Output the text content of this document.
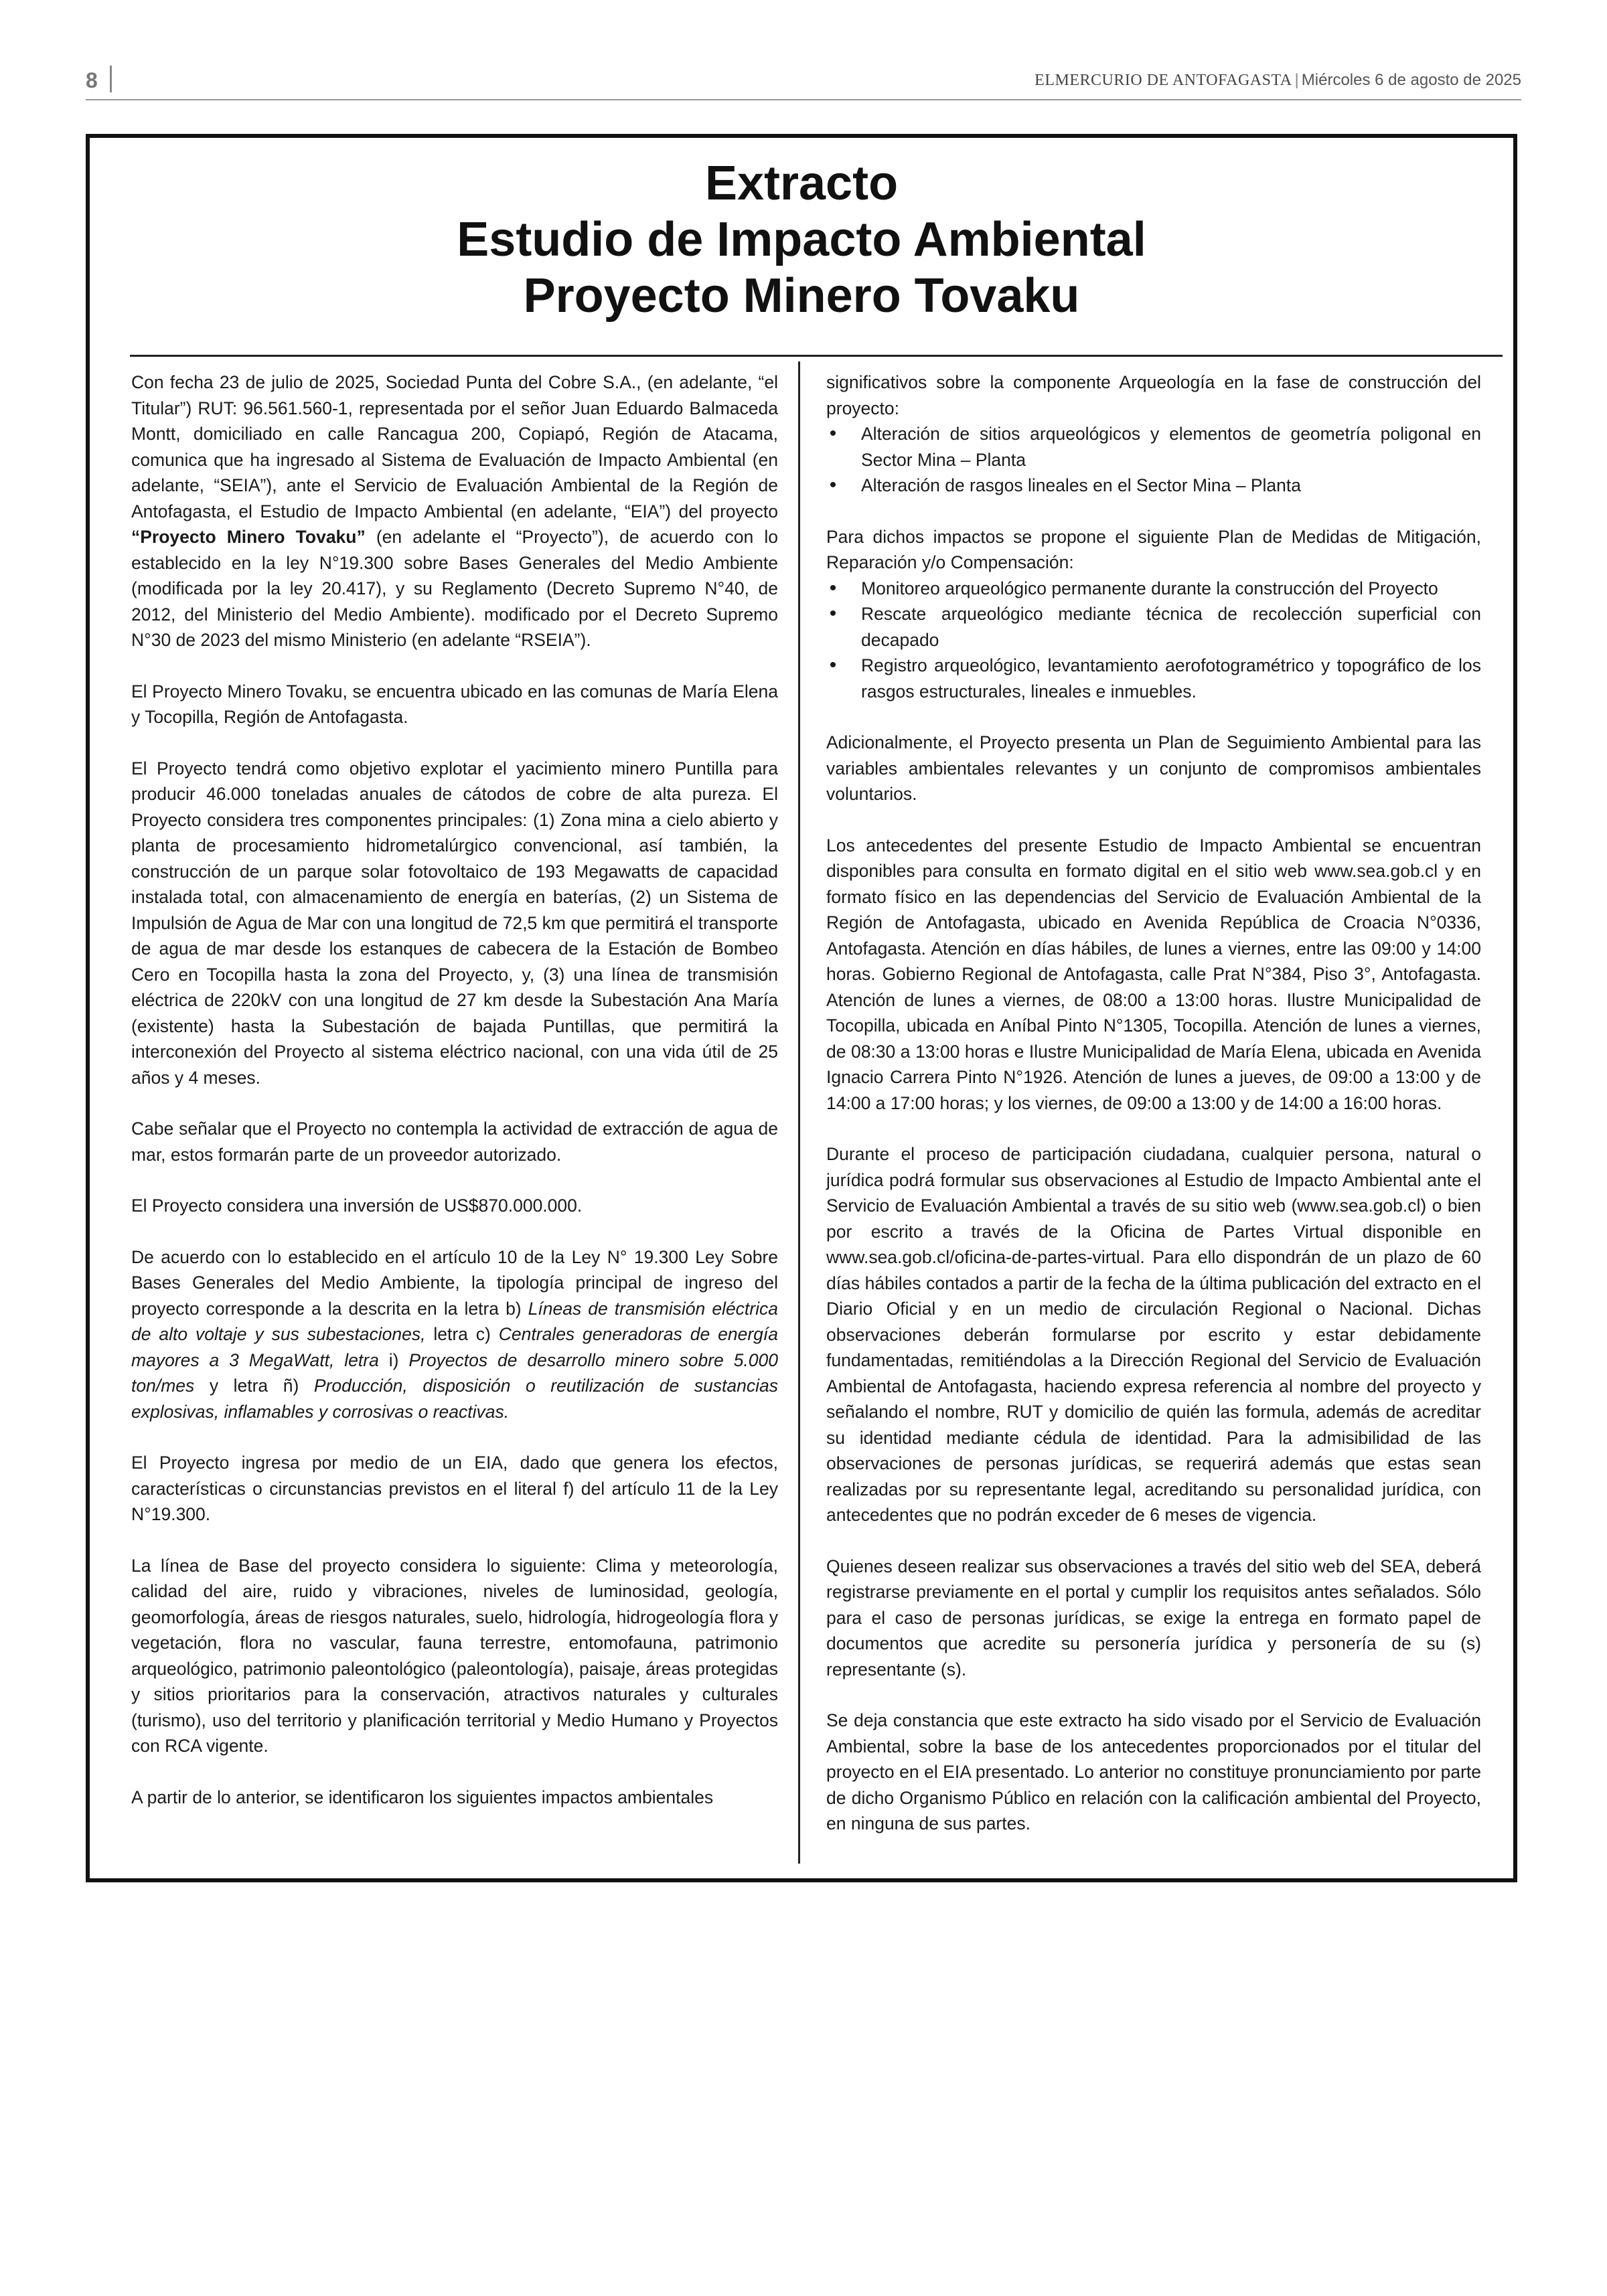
8	ELMERCURIO DE ANTOFAGASTA | Miércoles 6 de agosto de 2025

Extracto

Estudio de Impacto Ambiental

Proyecto Minero Tovaku

Con fecha 23 de julio de 2025, Sociedad Punta del Cobre S.A., (en adelante, “el Titular”) RUT: 96.561.560-1, representada por el señor Juan Eduardo Balmaceda Montt, domiciliado en calle Rancagua 200, Copiapó, Región de Atacama, comunica que ha ingresado al Sistema de Evaluación de Impacto Ambiental (en adelante, “SEIA”), ante el Servicio de Evaluación Ambiental de la Región de Antofagasta, el Estudio de Impacto Ambiental (en adelante, “EIA”) del proyecto “Proyecto Minero Tovaku” (en adelante el “Proyecto”), de acuerdo con lo establecido en la ley N°19.300 sobre Bases Generales del Medio Ambiente (modificada por la ley 20.417), y su Reglamento (Decreto Supremo N°40, de 2012, del Ministerio del Medio Ambiente). modificado por el Decreto Supremo N°30 de 2023 del mismo Ministerio (en adelante “RSEIA”).

El Proyecto Minero Tovaku, se encuentra ubicado en las comunas de María Elena y Tocopilla, Región de Antofagasta.

El Proyecto tendrá como objetivo explotar el yacimiento minero Puntilla para producir 46.000 toneladas anuales de cátodos de cobre de alta pureza. El Proyecto considera tres componentes principales: (1) Zona mina a cielo abierto y planta de procesamiento hidrometalúrgico convencional, así también, la construcción de un parque solar fotovoltaico de 193 Megawatts de capacidad instalada total, con almacenamiento de energía en baterías, (2) un Sistema de Impulsión de Agua de Mar con una longitud de 72,5 km que permitirá el transporte de agua de mar desde los estanques de cabecera de la Estación de Bombeo Cero en Tocopilla hasta la zona del Proyecto, y, (3) una línea de transmisión eléctrica de 220kV con una longitud de 27 km desde la Subestación Ana María (existente) hasta la Subestación de bajada Puntillas, que permitirá la interconexión del Proyecto al sistema eléctrico nacional, con una vida útil de 25 años y 4 meses.

Cabe señalar que el Proyecto no contempla la actividad de extracción de agua de mar, estos formarán parte de un proveedor autorizado.

El Proyecto considera una inversión de US$870.000.000.

De acuerdo con lo establecido en el artículo 10 de la Ley N° 19.300 Ley Sobre Bases Generales del Medio Ambiente, la tipología principal de ingreso del proyecto corresponde a la descrita en la letra b) Líneas de transmisión eléctrica de alto voltaje y sus subestaciones, letra c) Centrales generadoras de energía mayores a 3 MegaWatt, letra i) Proyectos de desarrollo minero sobre 5.000 ton/mes y letra ñ) Producción, disposición o reutilización de sustancias explosivas, inflamables y corrosivas o reactivas.

El Proyecto ingresa por medio de un EIA, dado que genera los efectos, características o circunstancias previstos en el literal f) del artículo 11 de la Ley N°19.300.

La línea de Base del proyecto considera lo siguiente: Clima y meteorología, calidad del aire, ruido y vibraciones, niveles de luminosidad, geología, geomorfología, áreas de riesgos naturales, suelo, hidrología, hidrogeología flora y vegetación, flora no vascular, fauna terrestre, entomofauna, patrimonio arqueológico, patrimonio paleontológico (paleontología), paisaje, áreas protegidas y sitios prioritarios para la conservación, atractivos naturales y culturales (turismo), uso del territorio y planificación territorial y Medio Humano y Proyectos con RCA vigente.

A partir de lo anterior, se identificaron los siguientes impactos ambientales

significativos sobre la componente Arqueología en la fase de construcción del proyecto:

• Alteración de sitios arqueológicos y elementos de geometría poligonal en Sector Mina – Planta
• Alteración de rasgos lineales en el Sector Mina – Planta

Para dichos impactos se propone el siguiente Plan de Medidas de Mitigación, Reparación y/o Compensación:

• Monitoreo arqueológico permanente durante la construcción del Proyecto
• Rescate arqueológico mediante técnica de recolección superficial con decapado
• Registro arqueológico, levantamiento aerofotogramétrico y topográfico de los rasgos estructurales, lineales e inmuebles.

Adicionalmente, el Proyecto presenta un Plan de Seguimiento Ambiental para las variables ambientales relevantes y un conjunto de compromisos ambientales voluntarios.

Los antecedentes del presente Estudio de Impacto Ambiental se encuentran disponibles para consulta en formato digital en el sitio web www.sea.gob.cl y en formato físico en las dependencias del Servicio de Evaluación Ambiental de la Región de Antofagasta, ubicado en Avenida República de Croacia N°0336, Antofagasta. Atención en días hábiles, de lunes a viernes, entre las 09:00 y 14:00 horas. Gobierno Regional de Antofagasta, calle Prat N°384, Piso 3°, Antofagasta. Atención de lunes a viernes, de 08:00 a 13:00 horas. Ilustre Municipalidad de Tocopilla, ubicada en Aníbal Pinto N°1305, Tocopilla. Atención de lunes a viernes, de 08:30 a 13:00 horas e Ilustre Municipalidad de María Elena, ubicada en Avenida Ignacio Carrera Pinto N°1926. Atención de lunes a jueves, de 09:00 a 13:00 y de 14:00 a 17:00 horas; y los viernes, de 09:00 a 13:00 y de 14:00 a 16:00 horas.

Durante el proceso de participación ciudadana, cualquier persona, natural o jurídica podrá formular sus observaciones al Estudio de Impacto Ambiental ante el Servicio de Evaluación Ambiental a través de su sitio web (www.sea.gob.cl) o bien por escrito a través de la Oficina de Partes Virtual disponible en www.sea.gob.cl/oficina-de-partes-virtual. Para ello dispondrán de un plazo de 60 días hábiles contados a partir de la fecha de la última publicación del extracto en el Diario Oficial y en un medio de circulación Regional o Nacional. Dichas observaciones deberán formularse por escrito y estar debidamente fundamentadas, remitiéndolas a la Dirección Regional del Servicio de Evaluación Ambiental de Antofagasta, haciendo expresa referencia al nombre del proyecto y señalando el nombre, RUT y domicilio de quién las formula, además de acreditar su identidad mediante cédula de identidad. Para la admisibilidad de las observaciones de personas jurídicas, se requerirá además que estas sean realizadas por su representante legal, acreditando su personalidad jurídica, con antecedentes que no podrán exceder de 6 meses de vigencia.

Quienes deseen realizar sus observaciones a través del sitio web del SEA, deberá registrarse previamente en el portal y cumplir los requisitos antes señalados. Sólo para el caso de personas jurídicas, se exige la entrega en formato papel de documentos que acredite su personería jurídica y personería de su (s) representante (s).

Se deja constancia que este extracto ha sido visado por el Servicio de Evaluación Ambiental, sobre la base de los antecedentes proporcionados por el titular del proyecto en el EIA presentado. Lo anterior no constituye pronunciamiento por parte de dicho Organismo Público en relación con la calificación ambiental del Proyecto, en ninguna de sus partes.
